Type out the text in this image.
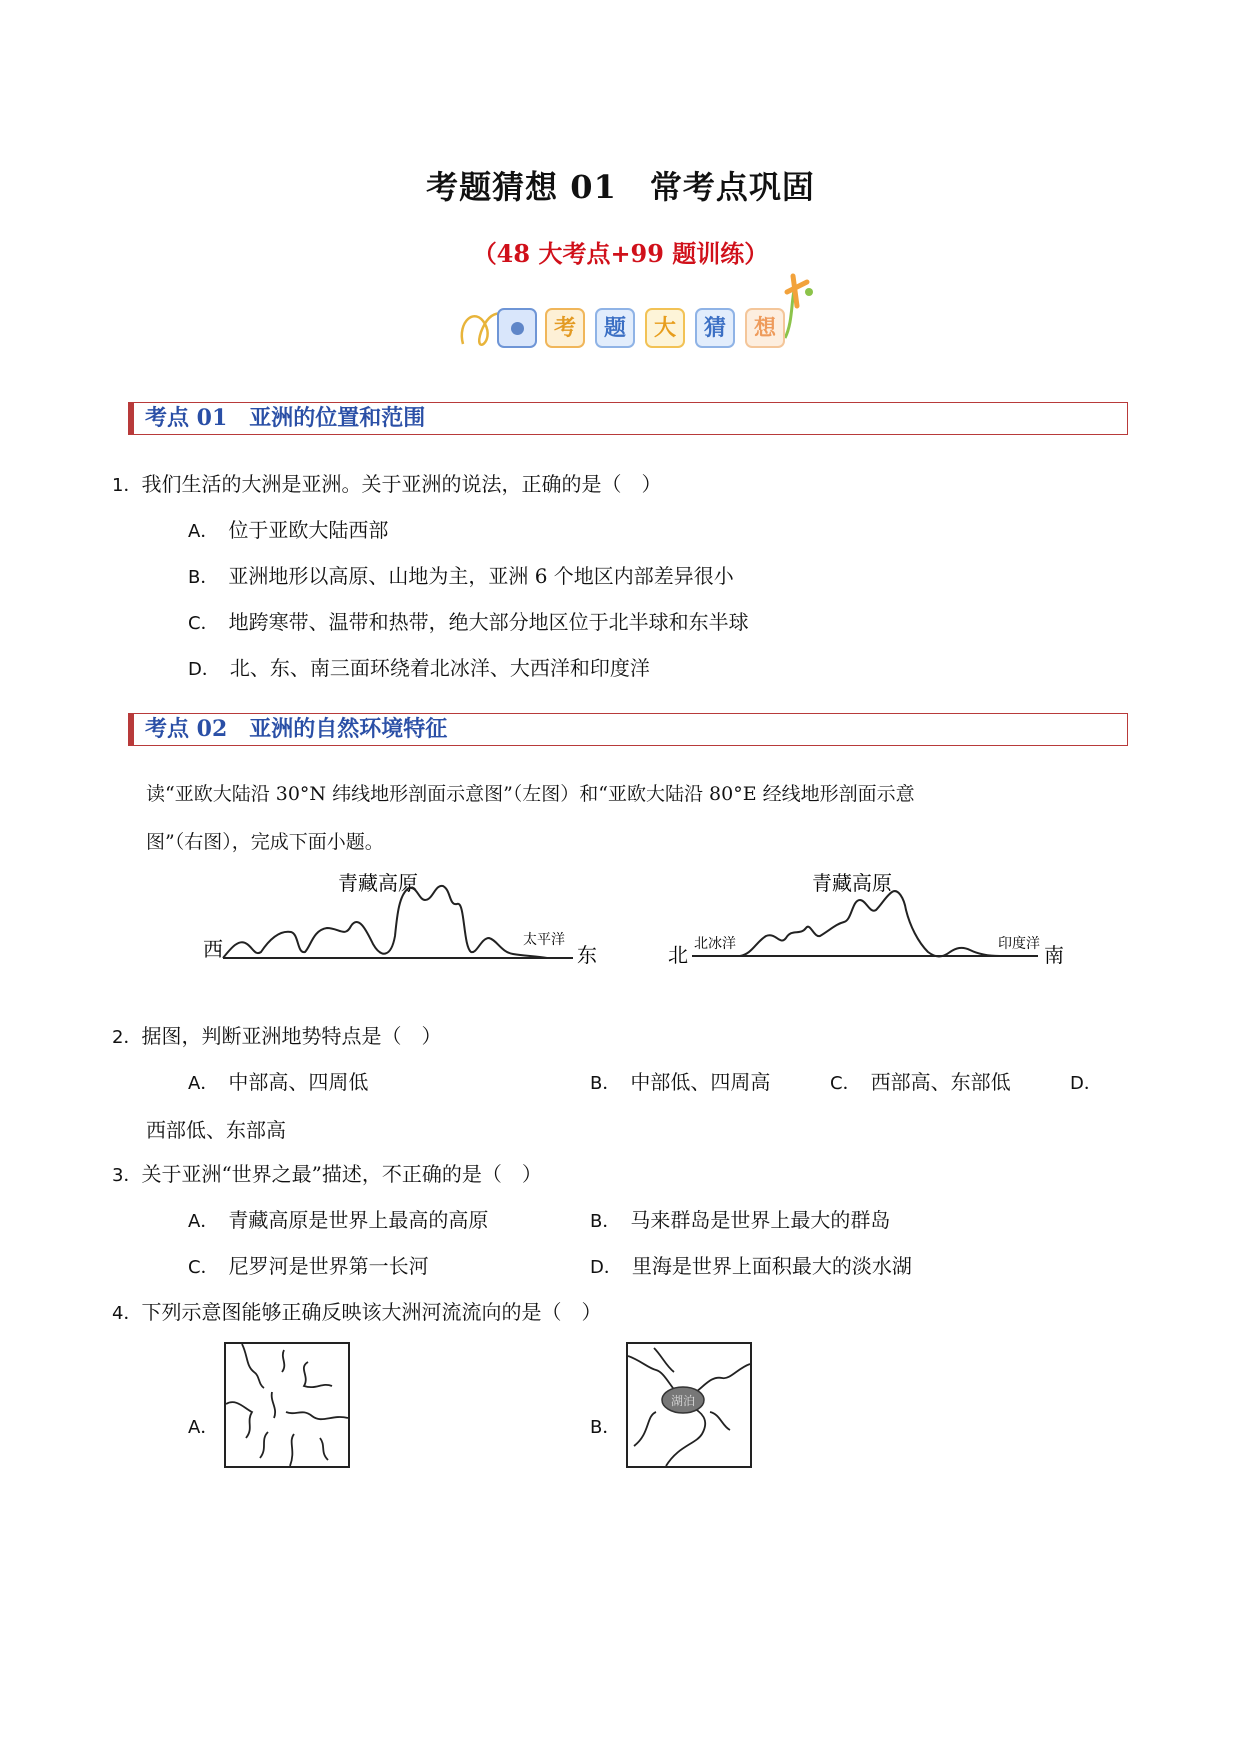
考题猜想 01　常考点巩固
（48 大考点+99 题训练）
考	题	大	猜	想
考点 01　亚洲的位置和范围
1．我们生活的大洲是亚洲。关于亚洲的说法，正确的是（　）
A． 位于亚欧大陆西部
B． 亚洲地形以高原、山地为主，亚洲 6 个地区内部差异很小
C． 地跨寒带、温带和热带，绝大部分地区位于北半球和东半球
D． 北、东、南三面环绕着北冰洋、大西洋和印度洋
考点 02　亚洲的自然环境特征
读“亚欧大陆沿 30°N 纬线地形剖面示意图”（左图）和“亚欧大陆沿 80°E 经线地形剖面示意
图”（右图），完成下面小题。
青藏高原
西	东
太平洋
青藏高原
北	南
北冰洋	印度洋
2．据图，判断亚洲地势特点是（　）
A． 中部高、四周低	B． 中部低、四周高	C． 西部高、东部低	D．
西部低、东部高
3．关于亚洲“世界之最”描述，不正确的是（　）
A． 青藏高原是世界上最高的高原	B． 马来群岛是世界上最大的群岛
C． 尼罗河是世界第一长河	D． 里海是世界上面积最大的淡水湖
4．下列示意图能够正确反映该大洲河流流向的是（　）
A．	B．
湖泊
